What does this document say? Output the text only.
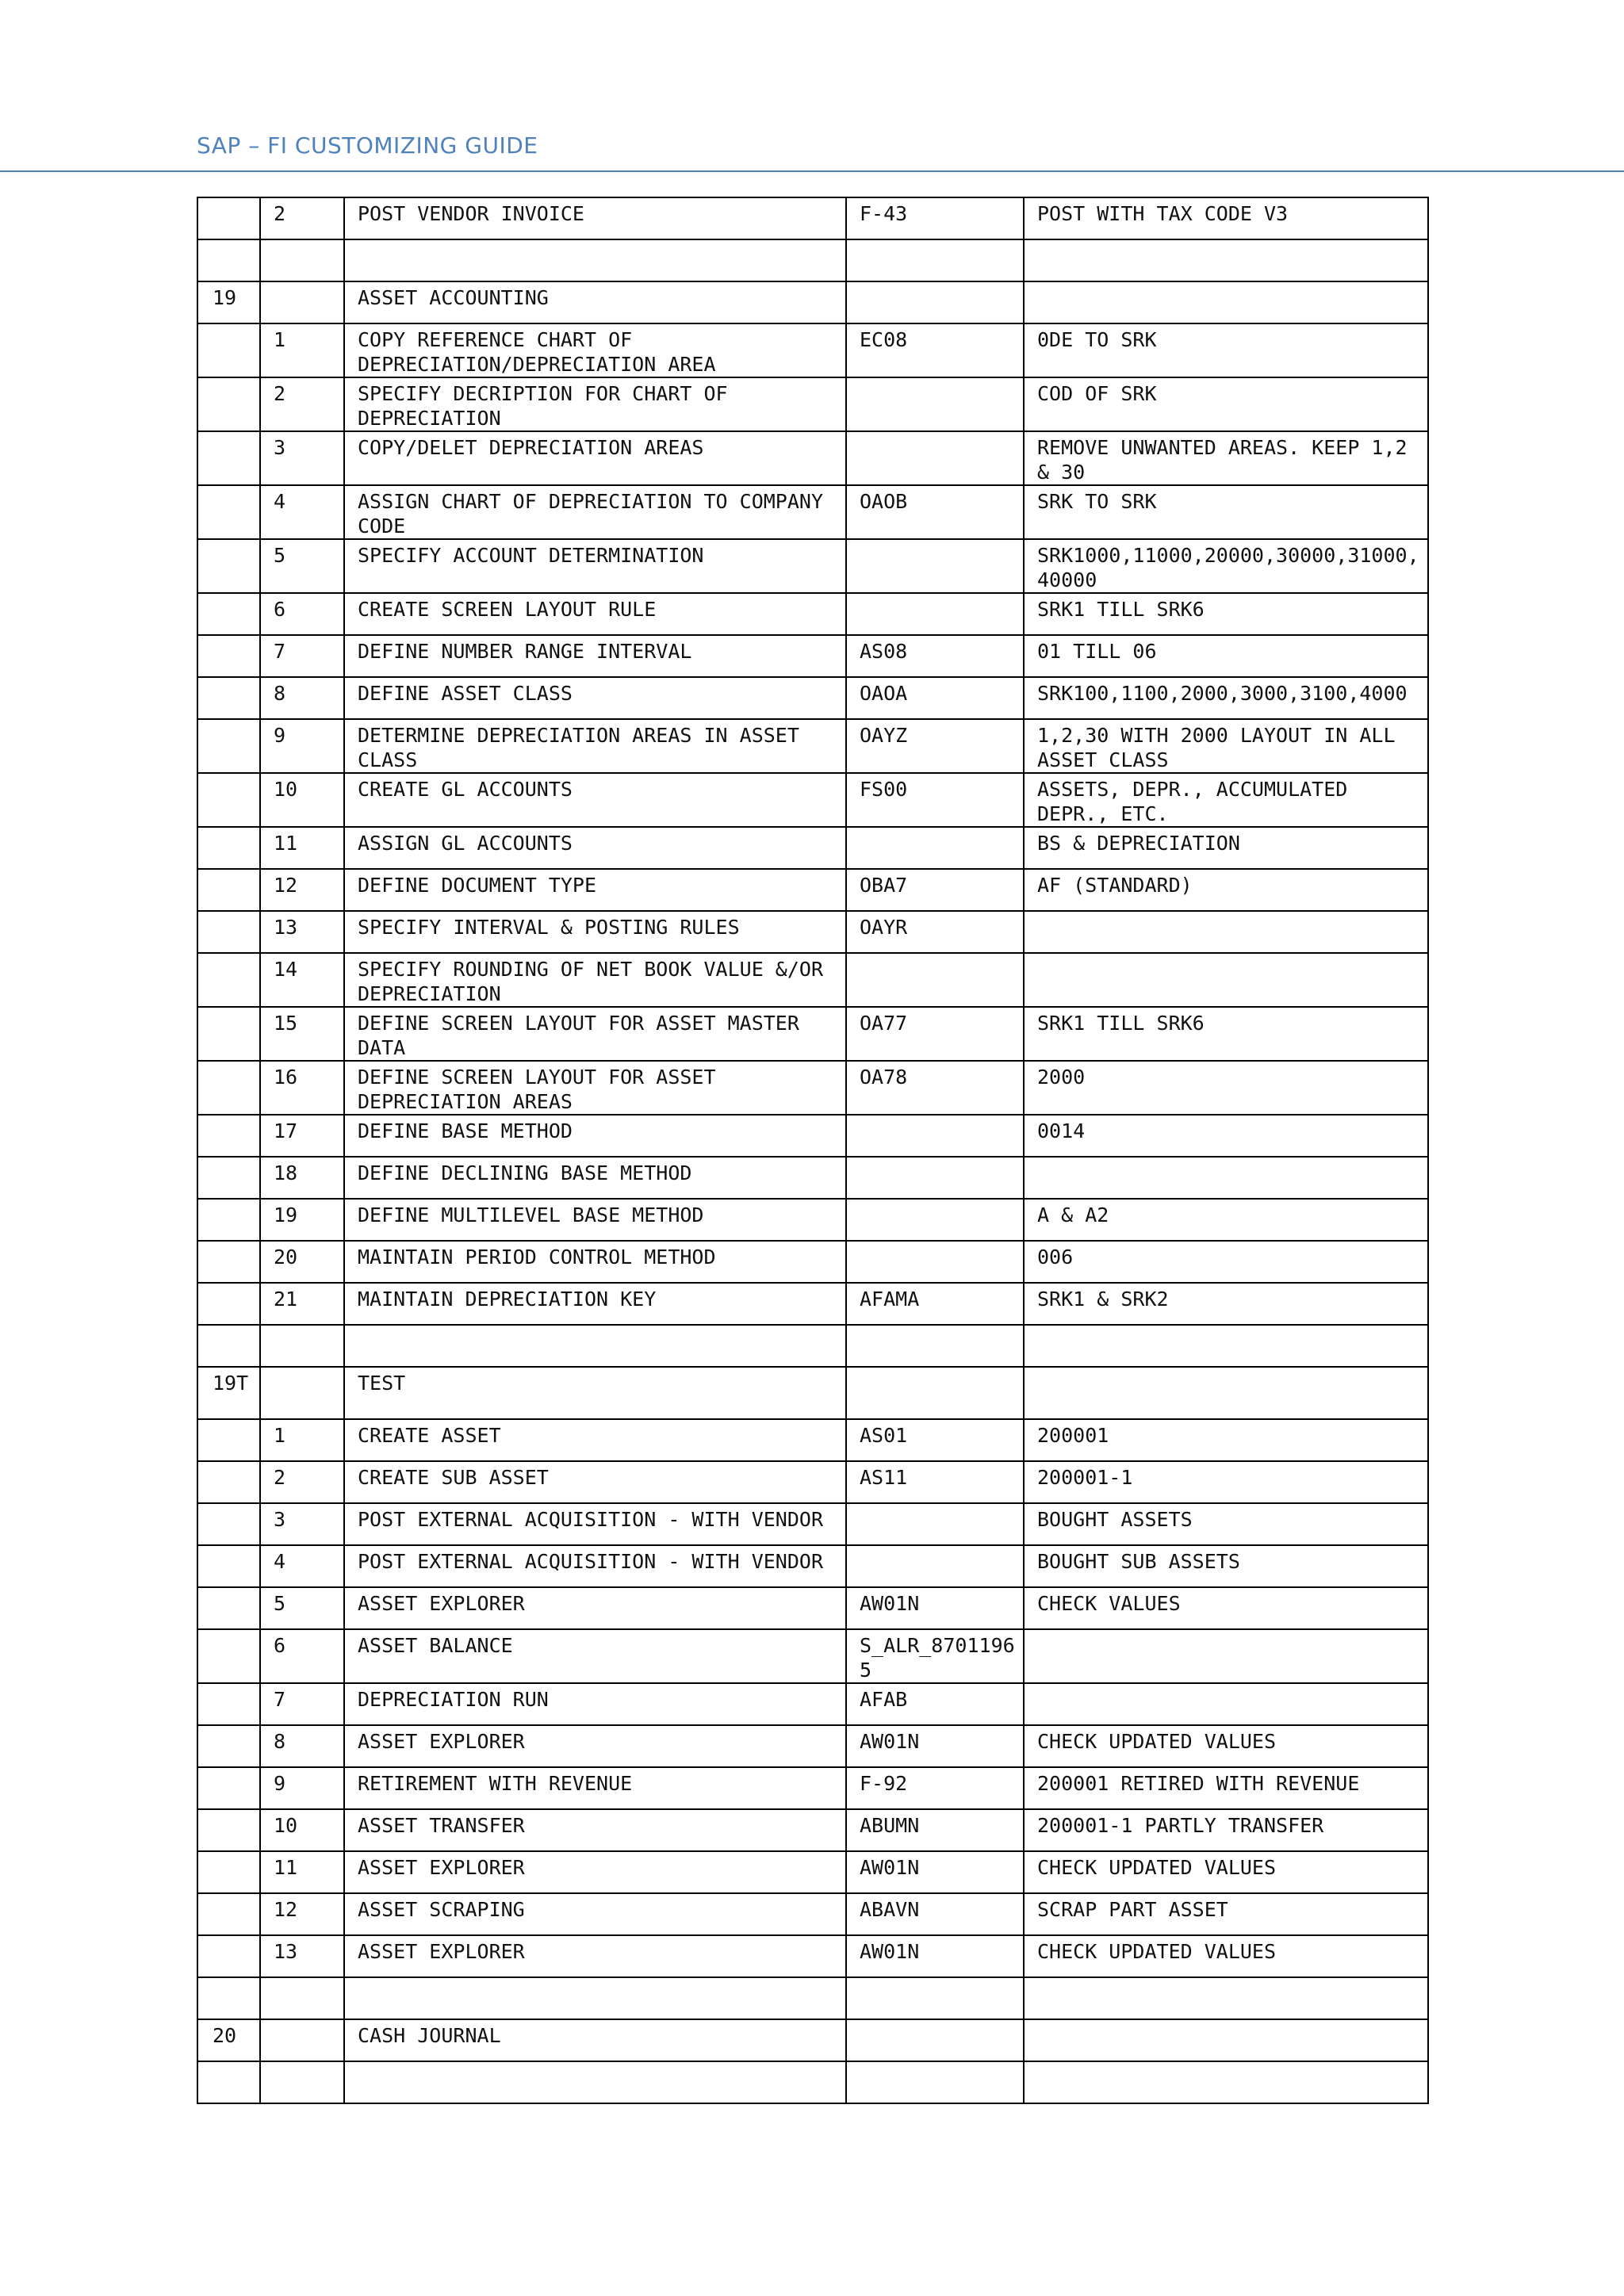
SAP – FI CUSTOMIZING GUIDE
	2	POST VENDOR INVOICE	F-43	POST WITH TAX CODE V3

19		ASSET ACCOUNTING		
	1	COPY REFERENCE CHART OF DEPRECIATION/DEPRECIATION AREA	EC08	0DE TO SRK
	2	SPECIFY DECRIPTION FOR CHART OF DEPRECIATION		COD OF SRK
	3	COPY/DELET DEPRECIATION AREAS		REMOVE UNWANTED AREAS. KEEP 1,2 & 30
	4	ASSIGN CHART OF DEPRECIATION TO COMPANY CODE	OAOB	SRK TO SRK
	5	SPECIFY ACCOUNT DETERMINATION		SRK1000,11000,20000,30000,31000,40000
	6	CREATE SCREEN LAYOUT RULE		SRK1 TILL SRK6
	7	DEFINE NUMBER RANGE INTERVAL	AS08	01 TILL 06
	8	DEFINE ASSET CLASS	OAOA	SRK100,1100,2000,3000,3100,4000
	9	DETERMINE DEPRECIATION AREAS IN ASSET CLASS	OAYZ	1,2,30 WITH 2000 LAYOUT IN ALL ASSET CLASS
	10	CREATE GL ACCOUNTS	FS00	ASSETS, DEPR., ACCUMULATED DEPR., ETC.
	11	ASSIGN GL ACCOUNTS		BS & DEPRECIATION
	12	DEFINE DOCUMENT TYPE	OBA7	AF (STANDARD)
	13	SPECIFY INTERVAL & POSTING RULES	OAYR	
	14	SPECIFY ROUNDING OF NET BOOK VALUE &/OR DEPRECIATION		
	15	DEFINE SCREEN LAYOUT FOR ASSET MASTER DATA	OA77	SRK1 TILL SRK6
	16	DEFINE SCREEN LAYOUT FOR ASSET DEPRECIATION AREAS	OA78	2000
	17	DEFINE BASE METHOD		0014
	18	DEFINE DECLINING BASE METHOD		
	19	DEFINE MULTILEVEL BASE METHOD		A & A2
	20	MAINTAIN PERIOD CONTROL METHOD		006
	21	MAINTAIN DEPRECIATION KEY	AFAMA	SRK1 & SRK2

19T		TEST		
	1	CREATE ASSET	AS01	200001
	2	CREATE SUB ASSET	AS11	200001-1
	3	POST EXTERNAL ACQUISITION - WITH VENDOR		BOUGHT ASSETS
	4	POST EXTERNAL ACQUISITION - WITH VENDOR		BOUGHT SUB ASSETS
	5	ASSET EXPLORER	AW01N	CHECK VALUES
	6	ASSET BALANCE	S_ALR_87011965	
	7	DEPRECIATION RUN	AFAB	
	8	ASSET EXPLORER	AW01N	CHECK UPDATED VALUES
	9	RETIREMENT WITH REVENUE	F-92	200001 RETIRED WITH REVENUE
	10	ASSET TRANSFER	ABUMN	200001-1 PARTLY TRANSFER
	11	ASSET EXPLORER	AW01N	CHECK UPDATED VALUES
	12	ASSET SCRAPING	ABAVN	SCRAP PART ASSET
	13	ASSET EXPLORER	AW01N	CHECK UPDATED VALUES

20		CASH JOURNAL		
